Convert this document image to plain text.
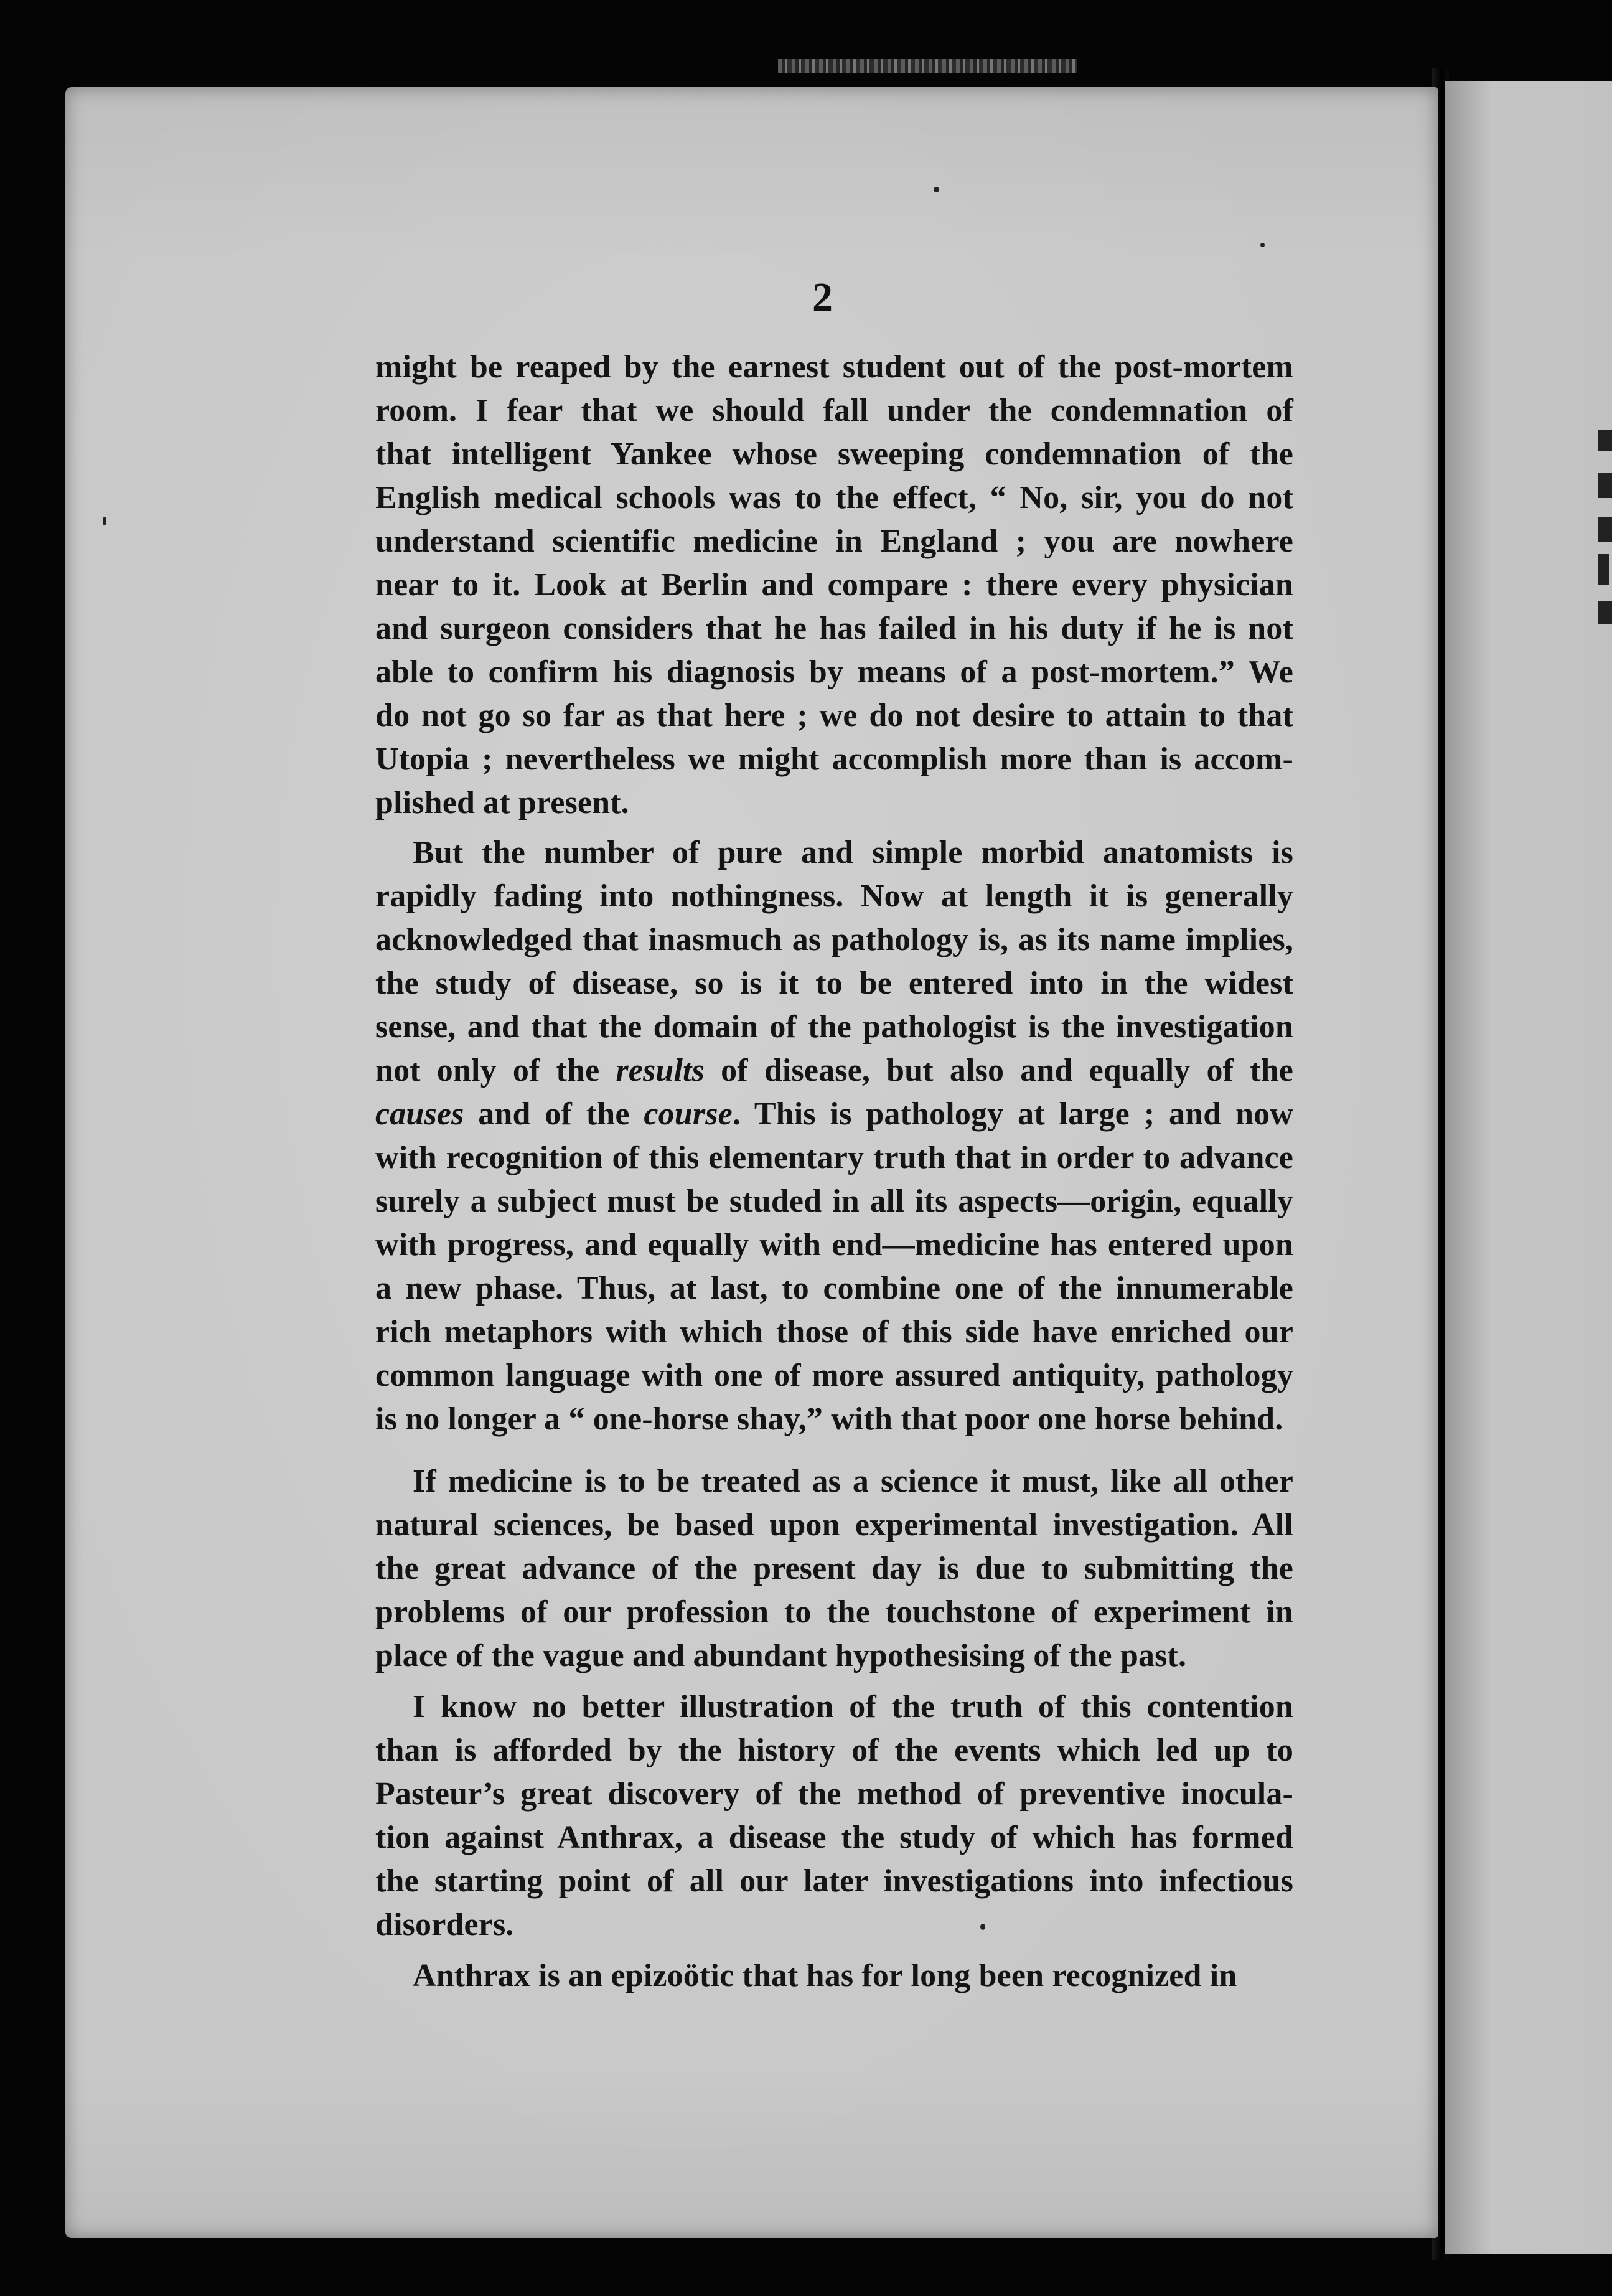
2

might be reaped by the earnest student out of the post-mortem
room. I fear that we should fall under the condemnation of
that intelligent Yankee whose sweeping condemnation of the
English medical schools was to the effect, “ No, sir, you do not
understand scientific medicine in England ; you are nowhere
near to it. Look at Berlin and compare : there every physician
and surgeon considers that he has failed in his duty if he is not
able to confirm his diagnosis by means of a post-mortem.” We
do not go so far as that here ; we do not desire to attain to that
Utopia ; nevertheless we might accomplish more than is accom-
plished at present.

But the number of pure and simple morbid anatomists is
rapidly fading into nothingness. Now at length it is generally
acknowledged that inasmuch as pathology is, as its name implies,
the study of disease, so is it to be entered into in the widest
sense, and that the domain of the pathologist is the investigation
not only of the results of disease, but also and equally of the
causes and of the course. This is pathology at large ; and now
with recognition of this elementary truth that in order to advance
surely a subject must be studed in all its aspects—origin, equally
with progress, and equally with end—medicine has entered upon
a new phase. Thus, at last, to combine one of the innumerable
rich metaphors with which those of this side have enriched our
common language with one of more assured antiquity, pathology
is no longer a “ one-horse shay,” with that poor one horse behind.

If medicine is to be treated as a science it must, like all other
natural sciences, be based upon experimental investigation. All
the great advance of the present day is due to submitting the
problems of our profession to the touchstone of experiment in
place of the vague and abundant hypothesising of the past.

I know no better illustration of the truth of this contention
than is afforded by the history of the events which led up to
Pasteur’s great discovery of the method of preventive inocula-
tion against Anthrax, a disease the study of which has formed
the starting point of all our later investigations into infectious
disorders.

Anthrax is an epizoötic that has for long been recognized in
